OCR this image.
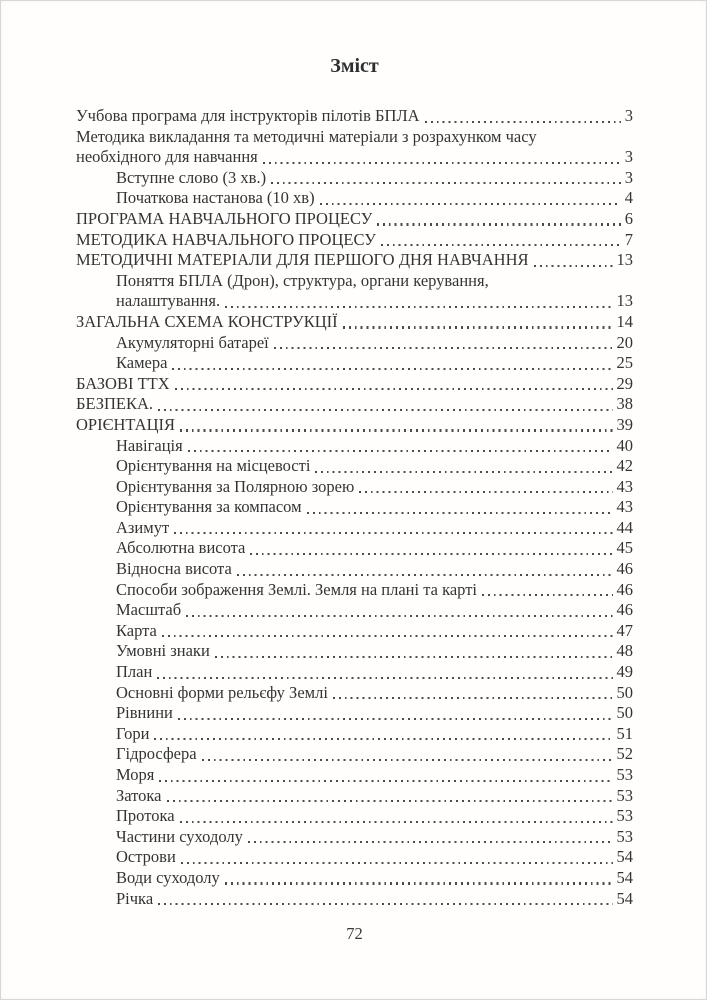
Зміст
Учбова програма для інструкторів пілотів БПЛА	3
Методика викладання та методичні матеріали з розрахунком часу
необхідного для навчання	3
Вступне слово (3 хв.)	3
Початкова настанова (10 хв)	4
ПРОГРАМА НАВЧАЛЬНОГО ПРОЦЕСУ	6
МЕТОДИКА НАВЧАЛЬНОГО ПРОЦЕСУ	7
МЕТОДИЧНІ МАТЕРІАЛИ ДЛЯ ПЕРШОГО ДНЯ НАВЧАННЯ	13
Поняття БПЛА (Дрон), структура, органи керування,
налаштування.	13
ЗАГАЛЬНА СХЕМА КОНСТРУКЦІЇ	14
Акумуляторні батареї	20
Камера	25
БАЗОВІ ТТХ	29
БЕЗПЕКА.	38
ОРІЄНТАЦІЯ	39
Навігація	40
Орієнтування на місцевості	42
Орієнтування за Полярною зорею	43
Орієнтування за компасом	43
Азимут	44
Абсолютна висота	45
Відносна висота	46
Способи зображення Землі. Земля на плані та карті	46
Масштаб	46
Карта	47
Умовні знаки	48
План	49
Основні форми рельєфу Землі	50
Рівнини	50
Гори	51
Гідросфера	52
Моря	53
Затока	53
Протока	53
Частини суходолу	53
Острови	54
Води суходолу	54
Річка	54
72
